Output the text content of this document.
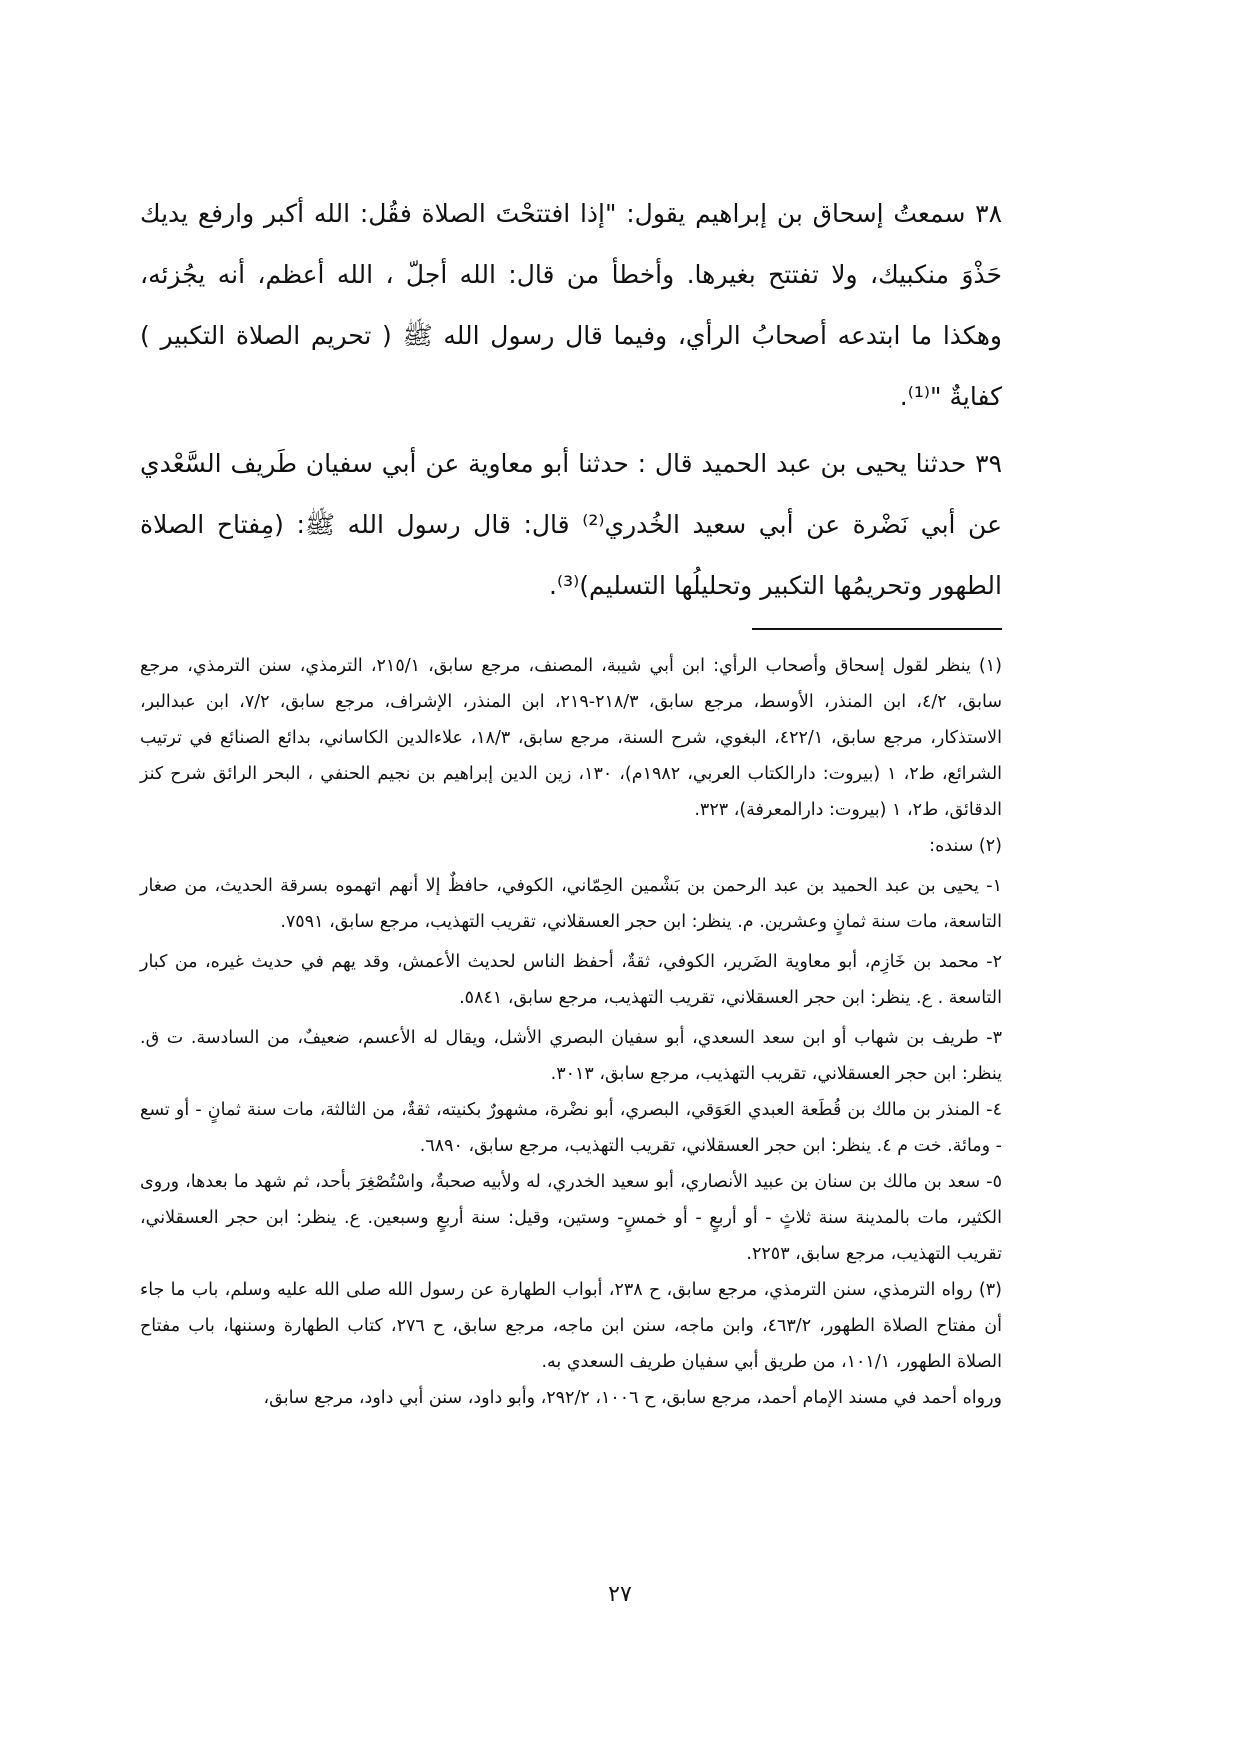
٣٨ سمعتُ إسحاق بن إبراهيم يقول: "إذا افتتحْتَ الصلاة فقُل: الله أكبر وارفع يديك حَذْوَ منكبيك، ولا تفتتح بغيرها. وأخطأ من قال: الله أجلّ ، الله أعظم، أنه يجُزئه، وهكذا ما ابتدعه أصحابُ الرأي، وفيما قال رسول الله ﷺ ( تحريم الصلاة التكبير ) كفايةٌ "⁽¹⁾.

٣٩ حدثنا يحيى بن عبد الحميد قال : حدثنا أبو معاوية عن أبي سفيان طَريف السَّعْدي عن أبي نَضْرة عن أبي سعيد الخُدري⁽²⁾ قال: قال رسول الله ﷺ: (مِفتاح الصلاة الطهور وتحريمُها التكبير وتحليلُها التسليم)⁽³⁾.

(١) ينظر لقول إسحاق وأصحاب الرأي: ابن أبي شيبة، المصنف، مرجع سابق، ٢١٥/١، الترمذي، سنن الترمذي، مرجع سابق، ٤/٢، ابن المنذر، الأوسط، مرجع سابق، ٢١٨/٣-٢١٩، ابن المنذر، الإشراف، مرجع سابق، ٧/٢، ابن عبدالبر، الاستذكار، مرجع سابق، ٤٢٢/١، البغوي، شرح السنة، مرجع سابق، ١٨/٣، علاءالدين الكاساني، بدائع الصنائع في ترتيب الشرائع، ط٢، ١ (بيروت: دارالكتاب العربي، ١٩٨٢م)، ١٣٠، زين الدين إبراهيم بن نجيم الحنفي ، البحر الرائق شرح كنز الدقائق، ط٢، ١ (بيروت: دارالمعرفة)، ٣٢٣.

(٢) سنده:

١- يحيى بن عبد الحميد بن عبد الرحمن بن بَشْمين الحِمّاني، الكوفي، حافظٌ إلا أنهم اتهموه بسرقة الحديث، من صغار التاسعة، مات سنة ثمانٍ وعشرين. م. ينظر: ابن حجر العسقلاني، تقريب التهذيب، مرجع سابق، ٧٥٩١.

٢- محمد بن خَازِم، أبو معاوية الضَرير، الكوفي، ثقةٌ، أحفظ الناس لحديث الأعمش، وقد يهم في حديث غيره، من كبار التاسعة . ع. ينظر: ابن حجر العسقلاني، تقريب التهذيب، مرجع سابق، ٥٨٤١.

٣- طريف بن شهاب أو ابن سعد السعدي، أبو سفيان البصري الأشل، ويقال له الأعسم، ضعيفٌ، من السادسة. ت ق. ينظر: ابن حجر العسقلاني، تقريب التهذيب، مرجع سابق، ٣٠١٣.

٤- المنذر بن مالك بن قُطَعة العبدي العَوَقي، البصري، أبو نضْرة، مشهورٌ بكنيته، ثقةٌ، من الثالثة، مات سنة ثمانٍ - أو تسع - ومائة. خت م ٤. ينظر: ابن حجر العسقلاني، تقريب التهذيب، مرجع سابق، ٦٨٩٠.

٥- سعد بن مالك بن سنان بن عبيد الأنصاري، أبو سعيد الخدري، له ولأبيه صحبةٌ، واسْتُصْغِرَ بأحد، ثم شهد ما بعدها، وروى الكثير، مات بالمدينة سنة ثلاثٍ - أو أربعٍ - أو خمسٍ- وستين، وقيل: سنة أربعٍ وسبعين. ع. ينظر: ابن حجر العسقلاني، تقريب التهذيب، مرجع سابق، ٢٢٥٣.

(٣) رواه الترمذي، سنن الترمذي، مرجع سابق، ح ٢٣٨، أبواب الطهارة عن رسول الله صلى الله عليه وسلم، باب ما جاء أن مفتاح الصلاة الطهور، ٤٦٣/٢، وابن ماجه، سنن ابن ماجه، مرجع سابق، ح ٢٧٦، كتاب الطهارة وسننها، باب مفتاح الصلاة الطهور، ١٠١/١، من طريق أبي سفيان طريف السعدي به.

ورواه أحمد في مسند الإمام أحمد، مرجع سابق، ح ١٠٠٦، ٢٩٢/٢، وأبو داود، سنن أبي داود، مرجع سابق،

٢٧
